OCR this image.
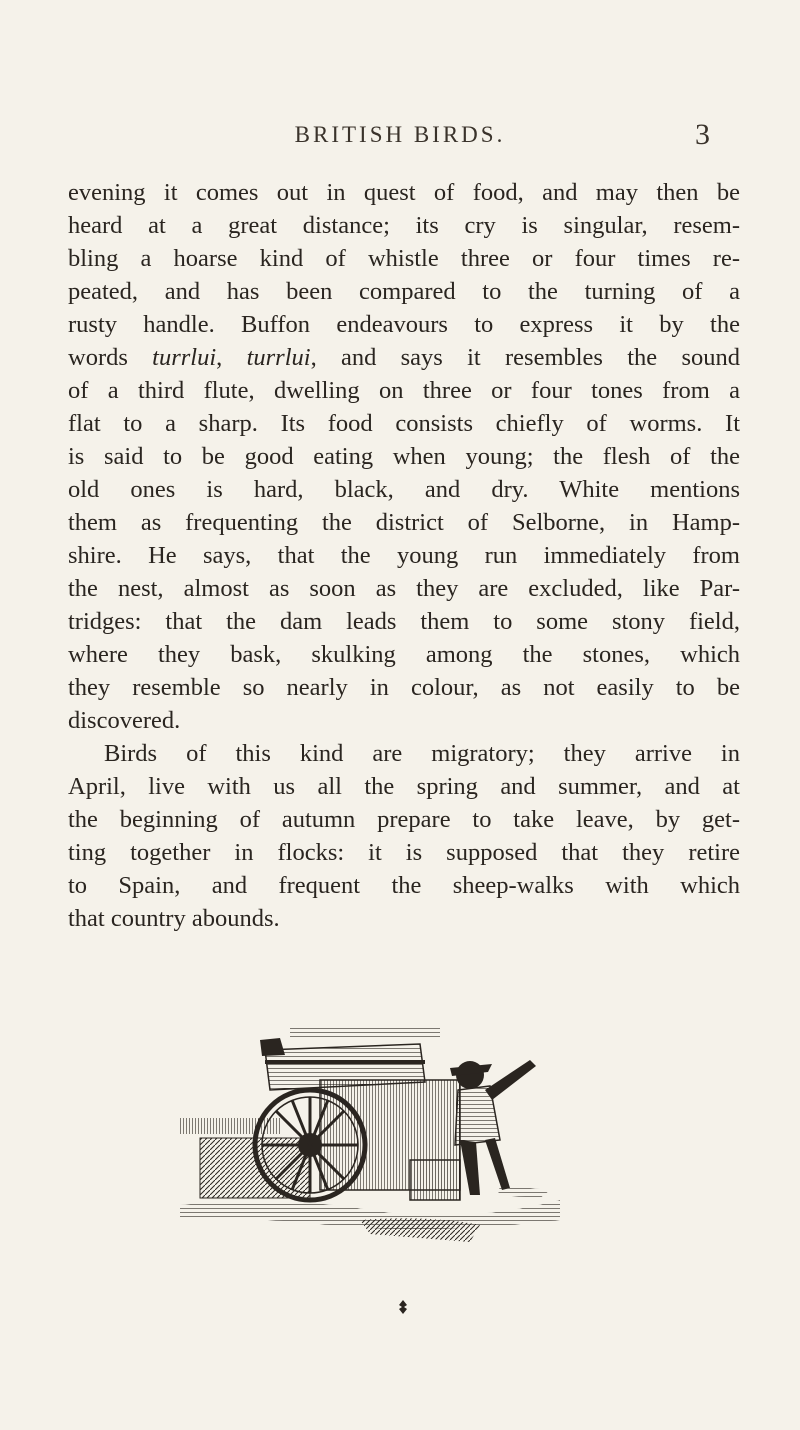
BRITISH BIRDS.	3
evening it comes out in quest of food, and may then be
heard at a great distance; its cry is singular, resem-
bling a hoarse kind of whistle three or four times re-
peated, and has been compared to the turning of a
rusty handle. Buffon endeavours to express it by the
words turrlui, turrlui, and says it resembles the sound
of a third flute, dwelling on three or four tones from a
flat to a sharp. Its food consists chiefly of worms. It
is said to be good eating when young; the flesh of the
old ones is hard, black, and dry. White mentions
them as frequenting the district of Selborne, in Hamp-
shire. He says, that the young run immediately from
the nest, almost as soon as they are excluded, like Par-
tridges: that the dam leads them to some stony field,
where they bask, skulking among the stones, which
they resemble so nearly in colour, as not easily to be
discovered.
Birds of this kind are migratory; they arrive in
April, live with us all the spring and summer, and at
the beginning of autumn prepare to take leave, by get-
ting together in flocks: it is supposed that they retire
to Spain, and frequent the sheep-walks with which
that country abounds.
